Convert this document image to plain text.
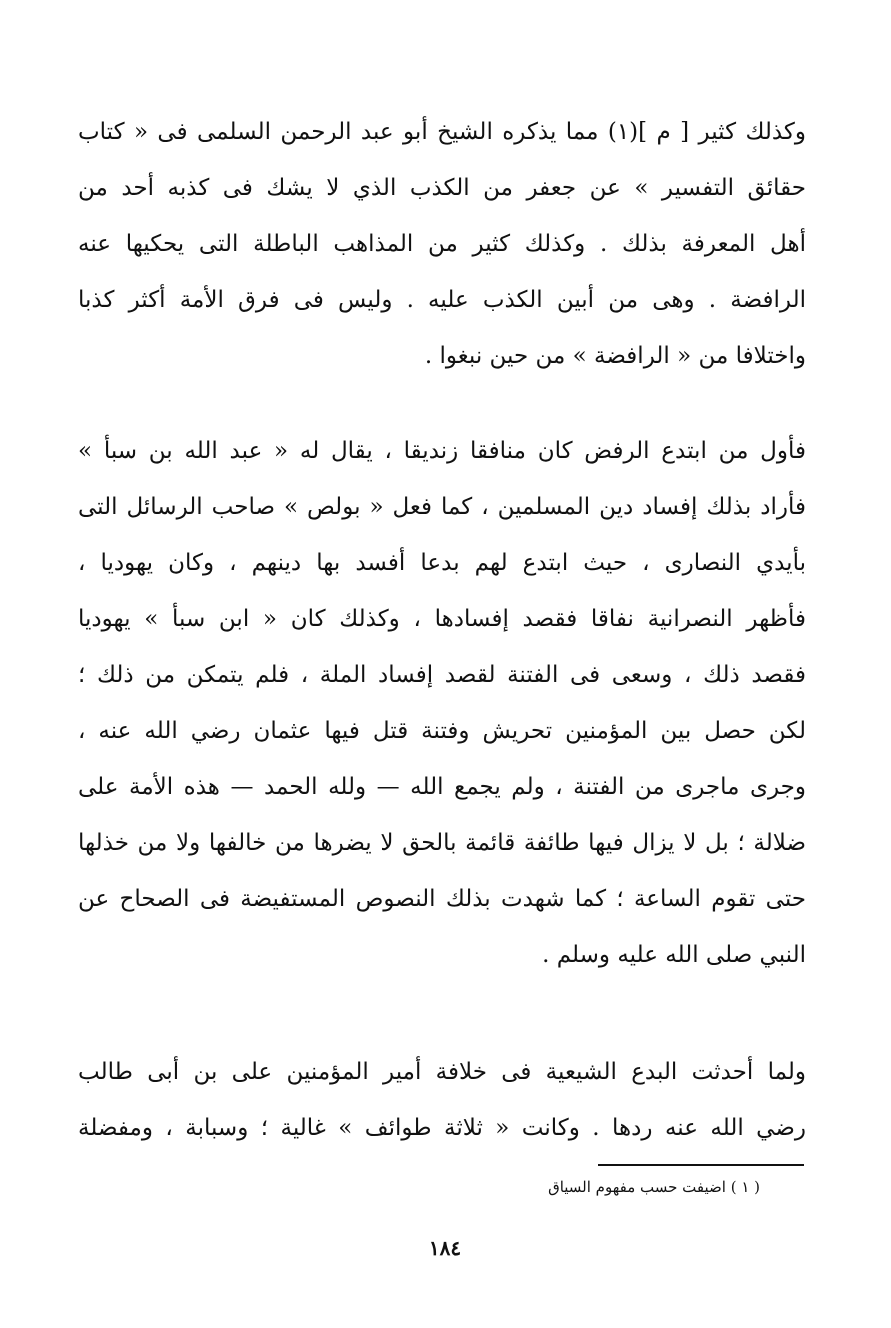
وكذلك كثير [ م ](١) مما يذكره الشيخ أبو عبد الرحمن السلمى فى « كتاب
حقائق التفسير » عن جعفر من الكذب الذي لا يشك فى كذبه أحد من
أهل المعرفة بذلك . وكذلك كثير من المذاهب الباطلة التى يحكيها عنه
الرافضة . وهى من أبين الكذب عليه . وليس فى فرق الأمة أكثر كذبا
واختلافا من « الرافضة » من حين نبغوا .
فأول من ابتدع الرفض كان منافقا زنديقا ، يقال له « عبد الله بن سبأ »
فأراد بذلك إفساد دين المسلمين ، كما فعل « بولص » صاحب الرسائل التى
بأيدي النصارى ، حيث ابتدع لهم بدعا أفسد بها دينهم ، وكان يهوديا ،
فأظهر النصرانية نفاقا فقصد إفسادها ، وكذلك كان « ابن سبأ » يهوديا
فقصد ذلك ، وسعى فى الفتنة لقصد إفساد الملة ، فلم يتمكن من ذلك ؛
لكن حصل بين المؤمنين تحريش وفتنة قتل فيها عثمان رضي الله عنه ،
وجرى ماجرى من الفتنة ، ولم يجمع الله — ولله الحمد — هذه الأمة على
ضلالة ؛ بل لا يزال فيها طائفة قائمة بالحق لا يضرها من خالفها ولا من خذلها
حتى تقوم الساعة ؛ كما شهدت بذلك النصوص المستفيضة فى الصحاح عن
النبي صلى الله عليه وسلم .
ولما أحدثت البدع الشيعية فى خلافة أمير المؤمنين على بن أبى طالب
رضي الله عنه ردها . وكانت « ثلاثة طوائف » غالية ؛ وسبابة ، ومفضلة
( ١ ) اضيفت حسب مفهوم السياق
١٨٤
